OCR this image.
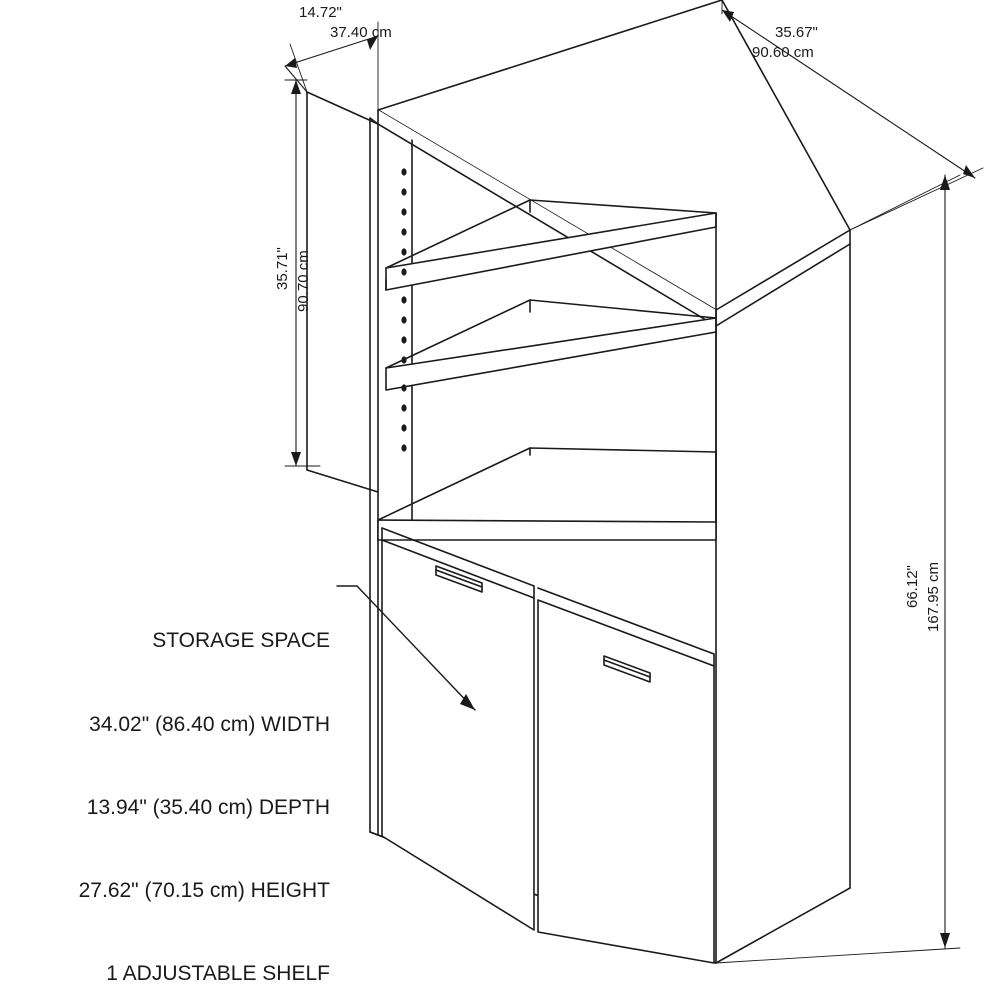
14.72"
37.40 cm	35.67"
90.60 cm
35.71" 90.70 cm
66.12" 167.95 cm

STORAGE SPACE

34.02" (86.40 cm) WIDTH

13.94" (35.40 cm) DEPTH

27.62" (70.15 cm) HEIGHT

1 ADJUSTABLE SHELF
